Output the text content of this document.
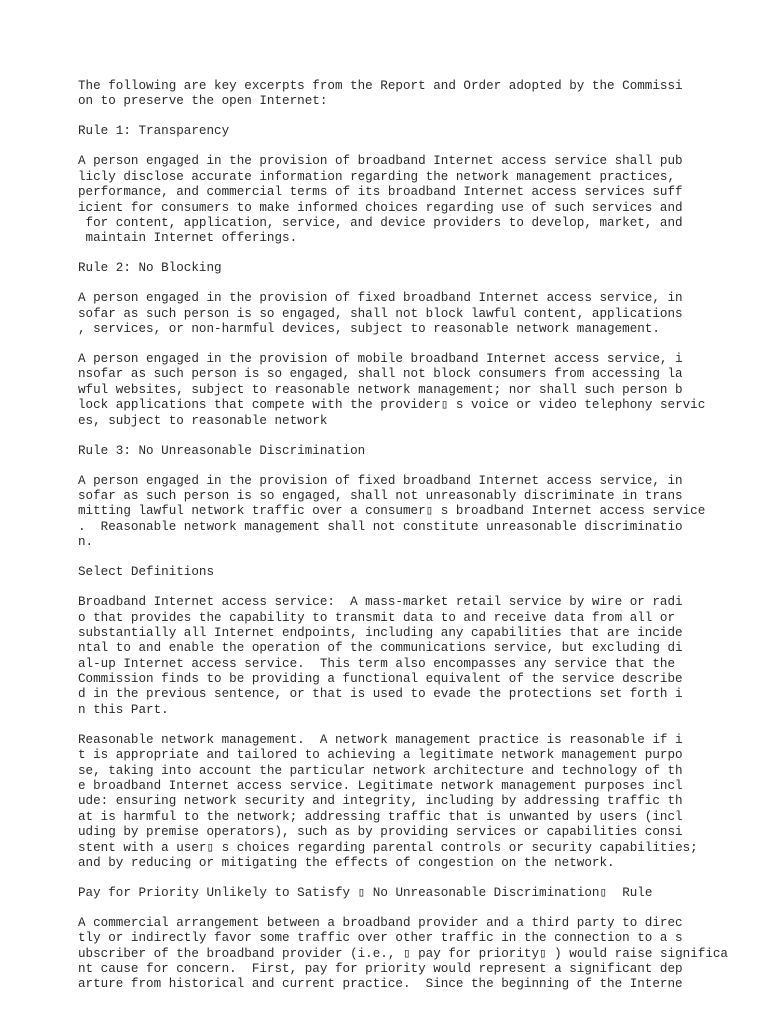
The following are key excerpts from the Report and Order adopted by the Commissi
on to preserve the open Internet:
Rule 1: Transparency
A person engaged in the provision of broadband Internet access service shall pub
licly disclose accurate information regarding the network management practices,
performance, and commercial terms of its broadband Internet access services suff
icient for consumers to make informed choices regarding use of such services and
for content, application, service, and device providers to develop, market, and
maintain Internet offerings.
Rule 2: No Blocking
A person engaged in the provision of fixed broadband Internet access service, in
sofar as such person is so engaged, shall not block lawful content, applications
, services, or non-harmful devices, subject to reasonable network management.
A person engaged in the provision of mobile broadband Internet access service, i
nsofar as such person is so engaged, shall not block consumers from accessing la
wful websites, subject to reasonable network management; nor shall such person b
lock applications that compete with the provider▯ s voice or video telephony servic
es, subject to reasonable network
Rule 3: No Unreasonable Discrimination
A person engaged in the provision of fixed broadband Internet access service, in
sofar as such person is so engaged, shall not unreasonably discriminate in trans
mitting lawful network traffic over a consumer▯ s broadband Internet access service
.  Reasonable network management shall not constitute unreasonable discriminatio
n.
Select Definitions
Broadband Internet access service:  A mass-market retail service by wire or radi
o that provides the capability to transmit data to and receive data from all or
substantially all Internet endpoints, including any capabilities that are incide
ntal to and enable the operation of the communications service, but excluding di
al-up Internet access service.  This term also encompasses any service that the
Commission finds to be providing a functional equivalent of the service describe
d in the previous sentence, or that is used to evade the protections set forth i
n this Part.
Reasonable network management.  A network management practice is reasonable if i
t is appropriate and tailored to achieving a legitimate network management purpo
se, taking into account the particular network architecture and technology of th
e broadband Internet access service. Legitimate network management purposes incl
ude: ensuring network security and integrity, including by addressing traffic th
at is harmful to the network; addressing traffic that is unwanted by users (incl
uding by premise operators), such as by providing services or capabilities consi
stent with a user▯ s choices regarding parental controls or security capabilities;
and by reducing or mitigating the effects of congestion on the network.
Pay for Priority Unlikely to Satisfy ▯ No Unreasonable Discrimination▯  Rule
A commercial arrangement between a broadband provider and a third party to direc
tly or indirectly favor some traffic over other traffic in the connection to a s
ubscriber of the broadband provider (i.e., ▯ pay for priority▯ ) would raise significa
nt cause for concern.  First, pay for priority would represent a significant dep
arture from historical and current practice.  Since the beginning of the Interne
